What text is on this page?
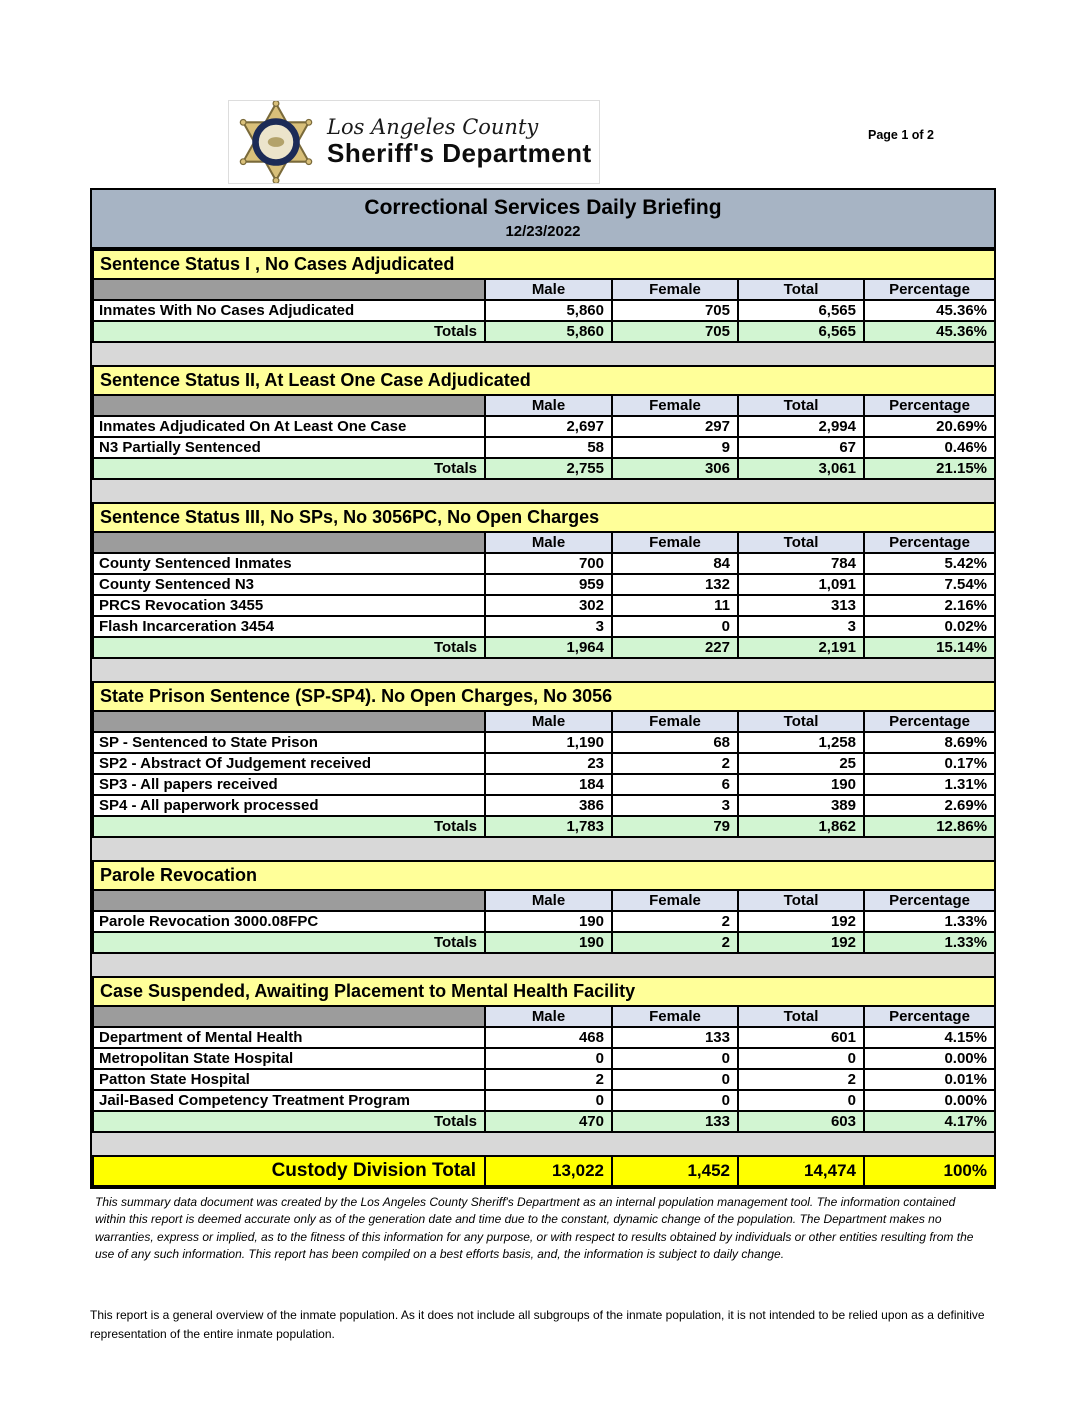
Los Angeles County
Sheriff's Department
Page 1 of 2
Correctional Services Daily Briefing
12/23/2022
Sentence Status I , No Cases Adjudicated				
	Male	Female	Total	Percentage
Inmates With No Cases Adjudicated	5,860	705	6,565	45.36%
Totals	5,860	705	6,565	45.36%
Sentence Status II, At Least One Case Adjudicated				
	Male	Female	Total	Percentage
Inmates Adjudicated On At Least One Case	2,697	297	2,994	20.69%
N3 Partially Sentenced	58	9	67	0.46%
Totals	2,755	306	3,061	21.15%
Sentence Status III, No SPs, No 3056PC, No Open Charges				
	Male	Female	Total	Percentage
County Sentenced Inmates	700	84	784	5.42%
County Sentenced N3	959	132	1,091	7.54%
PRCS Revocation 3455	302	11	313	2.16%
Flash Incarceration 3454	3	0	3	0.02%
Totals	1,964	227	2,191	15.14%
State Prison Sentence (SP-SP4). No Open Charges, No 3056				
	Male	Female	Total	Percentage
SP - Sentenced to State Prison	1,190	68	1,258	8.69%
SP2 - Abstract Of Judgement received	23	2	25	0.17%
SP3 - All papers received	184	6	190	1.31%
SP4 - All paperwork processed	386	3	389	2.69%
Totals	1,783	79	1,862	12.86%
Parole Revocation				
	Male	Female	Total	Percentage
Parole Revocation 3000.08FPC	190	2	192	1.33%
Totals	190	2	192	1.33%
Case Suspended, Awaiting Placement to Mental Health Facility				
	Male	Female	Total	Percentage
Department of Mental Health	468	133	601	4.15%
Metropolitan State Hospital	0	0	0	0.00%
Patton State Hospital	2	0	2	0.01%
Jail-Based Competency Treatment Program	0	0	0	0.00%
Totals	470	133	603	4.17%
Custody Division Total	13,022	1,452	14,474	100%
This summary data document was created by the Los Angeles County Sheriff's Department as an internal population management tool. The information contained within this report is deemed accurate only as of the generation date and time due to the constant, dynamic change of the population. The Department makes no warranties, express or implied, as to the fitness of this information for any purpose, or with respect to results obtained by individuals or other entities resulting from the use of any such information. This report has been compiled on a best efforts basis, and, the information is subject to daily change.
This report is a general overview of the inmate population. As it does not include all subgroups of the inmate population, it is not intended to be relied upon as a definitive representation of the entire inmate population.
